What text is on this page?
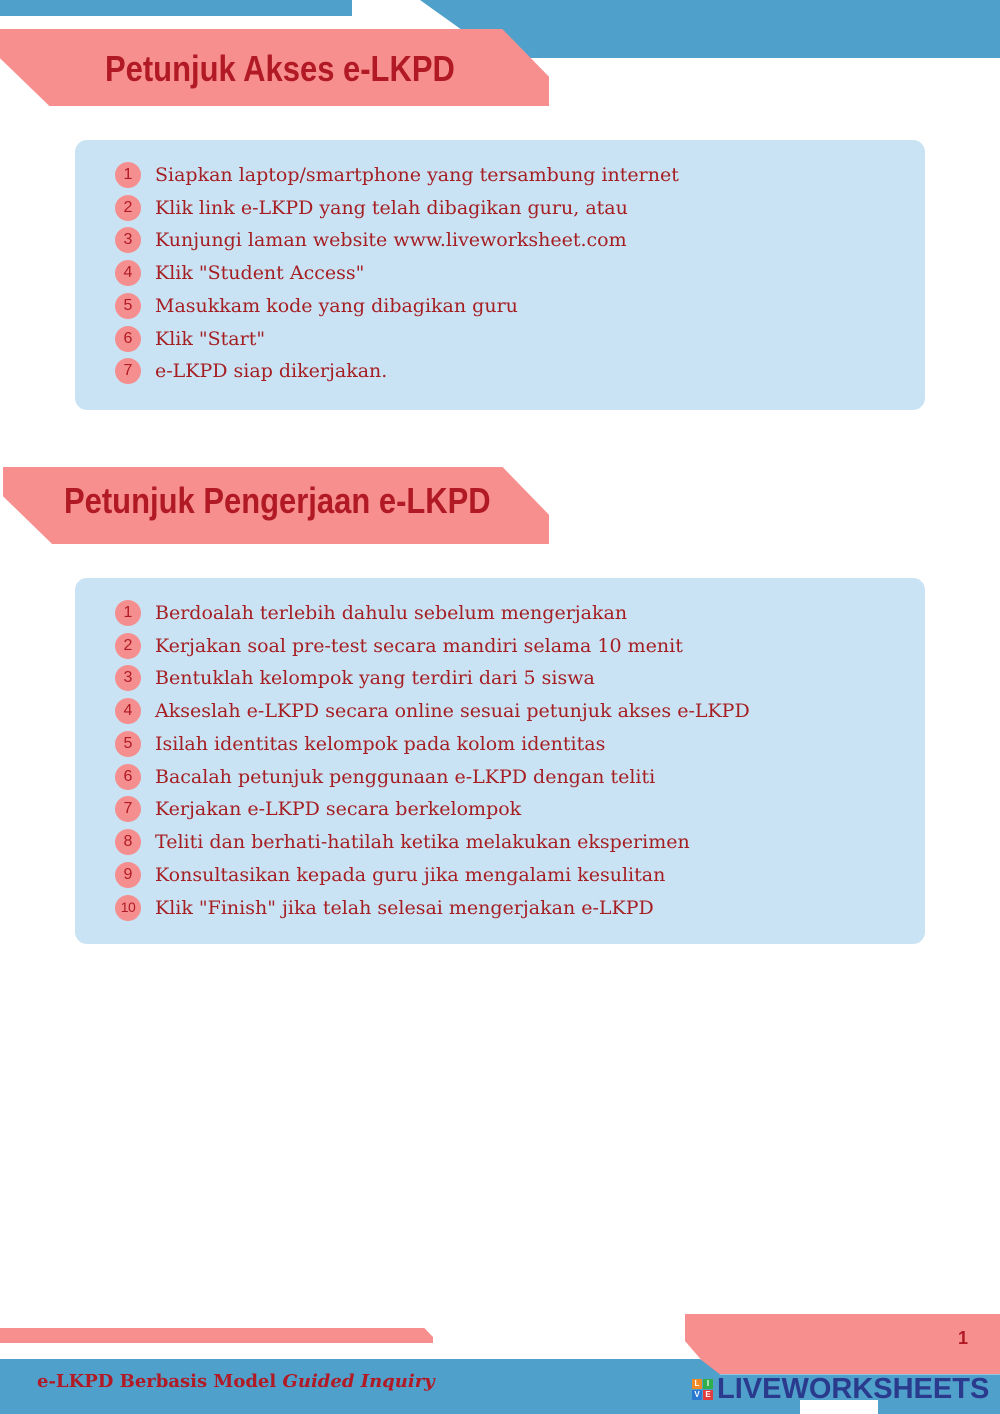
Petunjuk Akses e-LKPD
1	Siapkan laptop/smartphone yang tersambung internet
2	Klik link e-LKPD yang telah dibagikan guru, atau
3	Kunjungi laman website www.liveworksheet.com
4	Klik "Student Access"
5	Masukkam kode yang dibagikan guru
6	Klik "Start"
7	e-LKPD siap dikerjakan.
Petunjuk Pengerjaan e-LKPD
1	Berdoalah terlebih dahulu sebelum mengerjakan
2	Kerjakan soal pre-test secara mandiri selama 10 menit
3	Bentuklah kelompok yang terdiri dari 5 siswa
4	Akseslah e-LKPD secara online sesuai petunjuk akses e-LKPD
5	Isilah identitas kelompok pada kolom identitas
6	Bacalah petunjuk penggunaan e-LKPD dengan teliti
7	Kerjakan e-LKPD secara berkelompok
8	Teliti dan berhati-hatilah ketika melakukan eksperimen
9	Konsultasikan kepada guru jika mengalami kesulitan
10	Klik "Finish" jika telah selesai mengerjakan e-LKPD
1
e-LKPD Berbasis Model Guided Inquiry	L I
V E LIVEWORKSHEETS
